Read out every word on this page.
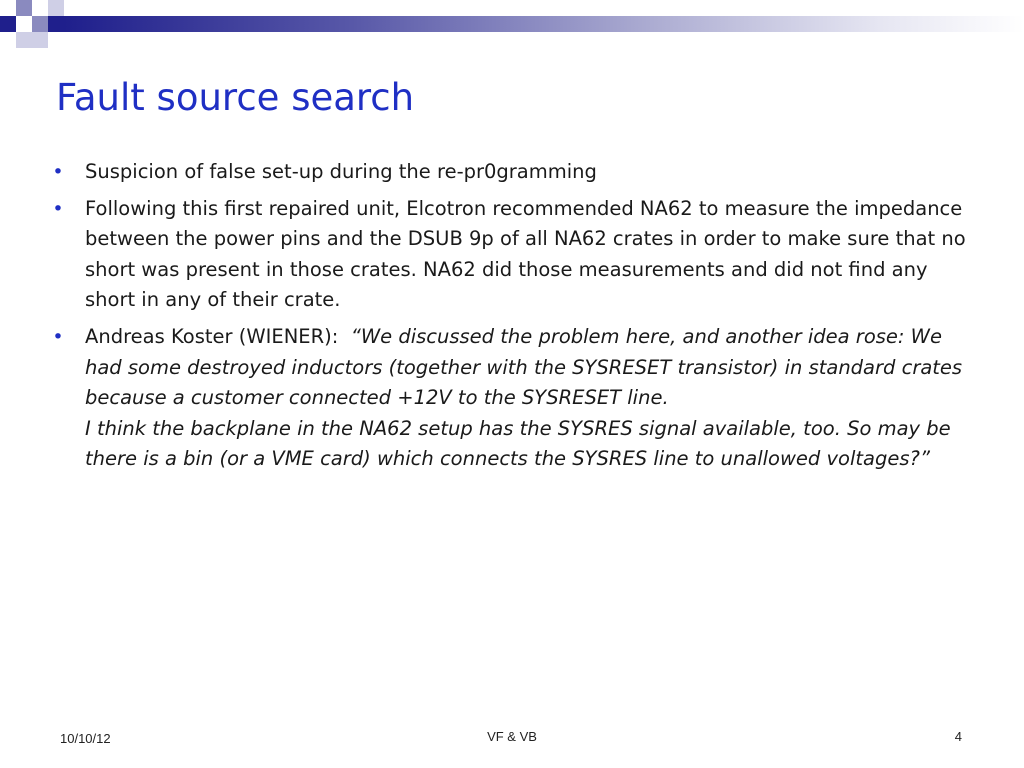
Fault source search
• Suspicion of false set-up during the re-pr0gramming
• Following this first repaired unit, Elcotron recommended NA62 to measure the impedance between the power pins and the DSUB 9p of all NA62 crates in order to make sure that no short was present in those crates. NA62 did those measurements and did not find any short in any of their crate.
• Andreas Koster (WIENER):  “We discussed the problem here, and another idea rose: We had some destroyed inductors (together with the SYSRESET transistor) in standard crates because a customer connected +12V to the SYSRESET line.
I think the backplane in the NA62 setup has the SYSRES signal available, too. So may be there is a bin (or a VME card) which connects the SYSRES line to unallowed voltages?”
10/10/12	VF & VB	4
